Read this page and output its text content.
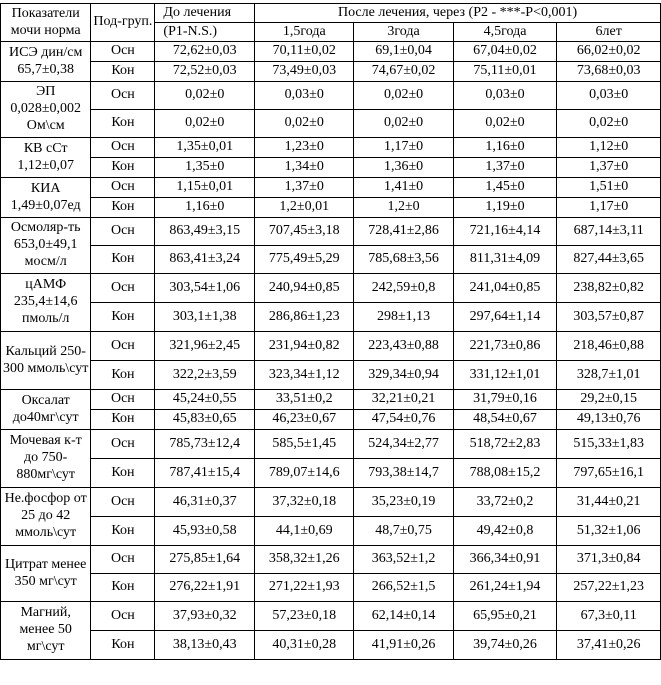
Показатели мочи норма	Под-груп.	До лечения	После лечения, через (P2 - ***-P<0,001)			
		(P1-N.S.)	1,5года	3года	4,5года	6лет
ИСЭ дин/см 65,7±0,38	Осн	72,62±0,03	70,11±0,02	69,1±0,04	67,04±0,02	66,02±0,02
	Кон	72,52±0,03	73,49±0,03	74,67±0,02	75,11±0,01	73,68±0,03
ЭП 0,028±0,002 Ом\см	Осн	0,02±0	0,03±0	0,02±0	0,03±0	0,03±0
	Кон	0,02±0	0,02±0	0,02±0	0,02±0	0,02±0
КВ сСт 1,12±0,07	Осн	1,35±0,01	1,23±0	1,17±0	1,16±0	1,12±0
	Кон	1,35±0	1,34±0	1,36±0	1,37±0	1,37±0
КИА 1,49±0,07ед	Осн	1,15±0,01	1,37±0	1,41±0	1,45±0	1,51±0
	Кон	1,16±0	1,2±0,01	1,2±0	1,19±0	1,17±0
Осмоляр-ть 653,0±49,1 мосм/л	Осн	863,49±3,15	707,45±3,18	728,41±2,86	721,16±4,14	687,14±3,11
	Кон	863,41±3,24	775,49±5,29	785,68±3,56	811,31±4,09	827,44±3,65
цАМФ 235,4±14,6 пмоль/л	Осн	303,54±1,06	240,94±0,85	242,59±0,8	241,04±0,85	238,82±0,82
	Кон	303,1±1,38	286,86±1,23	298±1,13	297,64±1,14	303,57±0,87
Кальций 250-300 ммоль\сут	Осн	321,96±2,45	231,94±0,82	223,43±0,88	221,73±0,86	218,46±0,88
	Кон	322,2±3,59	323,34±1,12	329,34±0,94	331,12±1,01	328,7±1,01
Оксалат до40мг\сут	Осн	45,24±0,55	33,51±0,2	32,21±0,21	31,79±0,16	29,2±0,15
	Кон	45,83±0,65	46,23±0,67	47,54±0,76	48,54±0,67	49,13±0,76
Мочевая к-т до 750-880мг\сут	Осн	785,73±12,4	585,5±1,45	524,34±2,77	518,72±2,83	515,33±1,83
	Кон	787,41±15,4	789,07±14,6	793,38±14,7	788,08±15,2	797,65±16,1
Не.фосфор от 25 до 42 ммоль\сут	Осн	46,31±0,37	37,32±0,18	35,23±0,19	33,72±0,2	31,44±0,21
	Кон	45,93±0,58	44,1±0,69	48,7±0,75	49,42±0,8	51,32±1,06
Цитрат менее 350 мг\сут	Осн	275,85±1,64	358,32±1,26	363,52±1,2	366,34±0,91	371,3±0,84
	Кон	276,22±1,91	271,22±1,93	266,52±1,5	261,24±1,94	257,22±1,23
Магний, менее 50 мг\сут	Осн	37,93±0,32	57,23±0,18	62,14±0,14	65,95±0,21	67,3±0,11
	Кон	38,13±0,43	40,31±0,28	41,91±0,26	39,74±0,26	37,41±0,26
